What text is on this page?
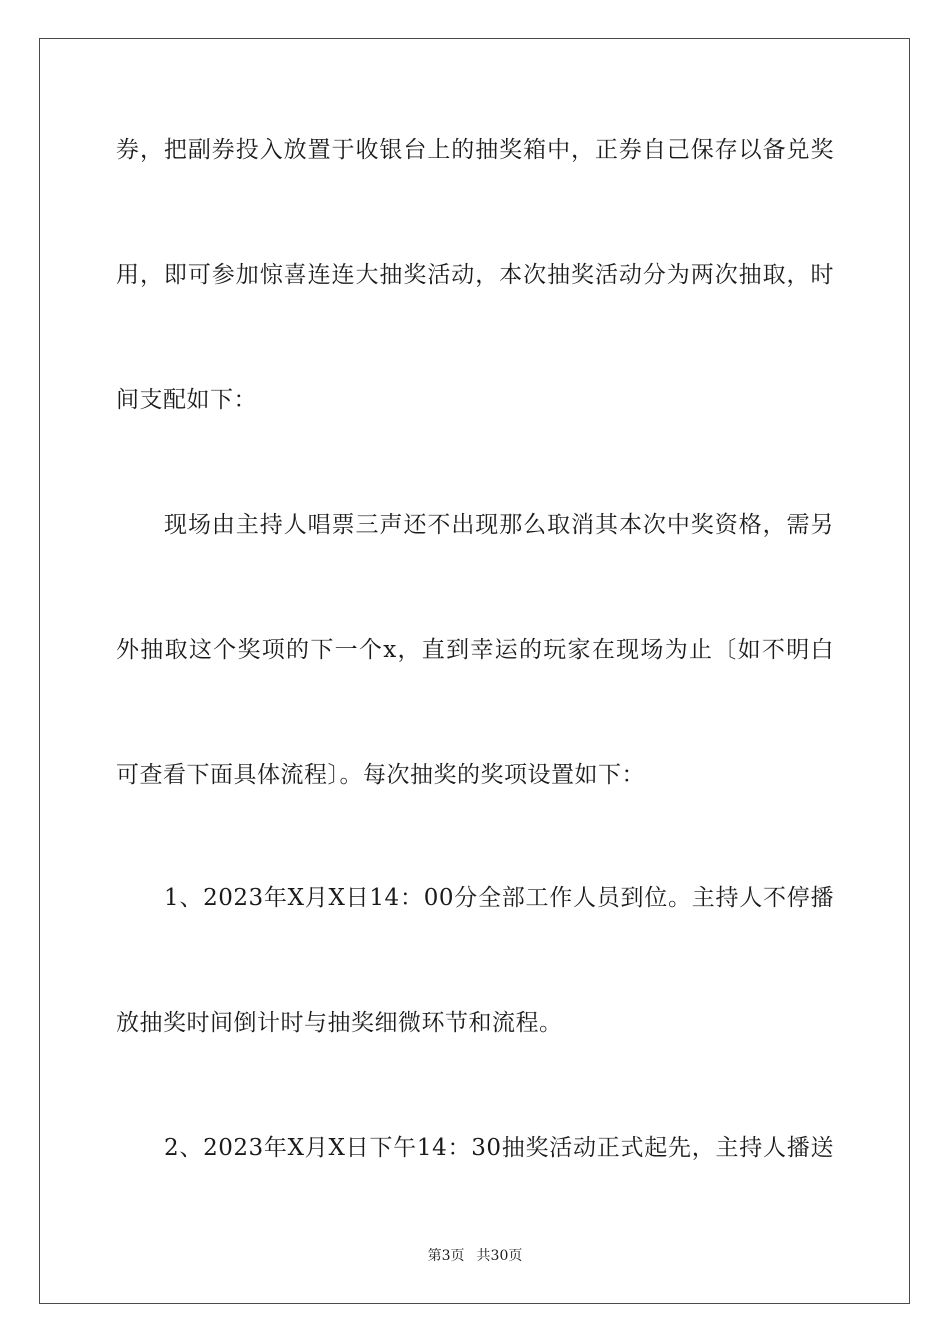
券，把副券投入放置于收银台上的抽奖箱中，正券自己保存以备兑奖
用，即可参加惊喜连连大抽奖活动，本次抽奖活动分为两次抽取，时
间支配如下：
现场由主持人唱票三声还不出现那么取消其本次中奖资格，需另
外抽取这个奖项的下一个x，直到幸运的玩家在现场为止〔如不明白
可查看下面具体流程〕。每次抽奖的奖项设置如下：
1、2023年X月X日14：00分全部工作人员到位。主持人不停播
放抽奖时间倒计时与抽奖细微环节和流程。
2、2023年X月X日下午14：30抽奖活动正式起先，主持人播送
第3页 共30页
